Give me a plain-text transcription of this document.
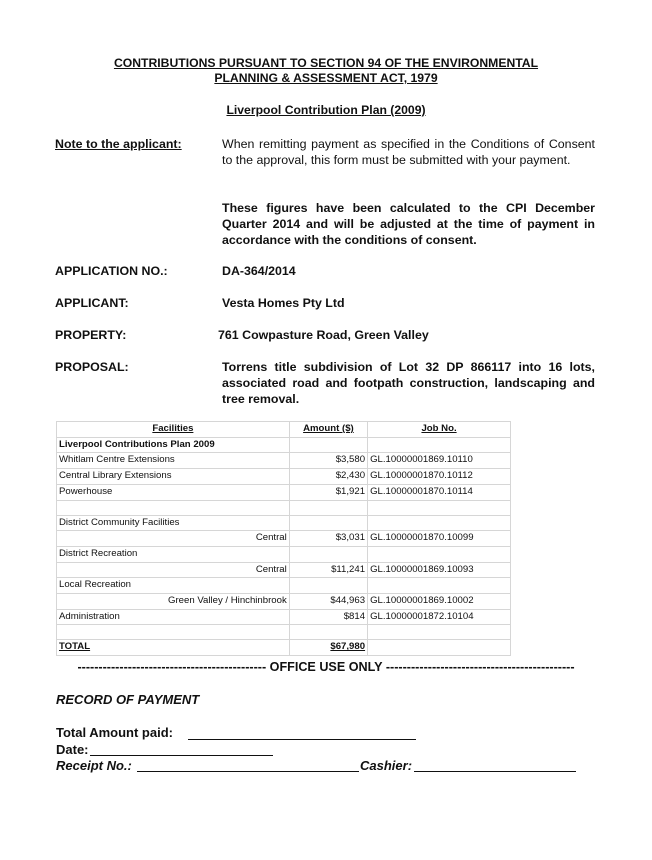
CONTRIBUTIONS PURSUANT TO SECTION 94 OF THE ENVIRONMENTAL
PLANNING & ASSESSMENT ACT, 1979
Liverpool Contribution Plan (2009)
Note to the applicant:	When remitting payment as specified in the Conditions of Consent to the approval, this form must be submitted with your payment.
These figures have been calculated to the CPI December Quarter 2014 and will be adjusted at the time of payment in accordance with the conditions of consent.
APPLICATION NO.:	DA-364/2014
APPLICANT:	Vesta Homes Pty Ltd
PROPERTY:	761 Cowpasture Road, Green Valley
PROPOSAL:	Torrens title subdivision of Lot 32 DP 866117 into 16 lots, associated road and footpath construction, landscaping and tree removal.
Facilities	Amount ($)	Job No.
Liverpool Contributions Plan 2009		
Whitlam Centre Extensions	$3,580	GL.10000001869.10110
Central Library Extensions	$2,430	GL.10000001870.10112
Powerhouse	$1,921	GL.10000001870.10114

District Community Facilities		
Central	$3,031	GL.10000001870.10099
District Recreation		
Central	$11,241	GL.10000001869.10093
Local Recreation		
Green Valley / Hinchinbrook	$44,963	GL.10000001869.10002
Administration	$814	GL.10000001872.10104

TOTAL	$67,980	
--------------------------------------------- OFFICE USE ONLY ---------------------------------------------
RECORD OF PAYMENT
Total Amount paid:
Date:
Receipt No.:	Cashier:
